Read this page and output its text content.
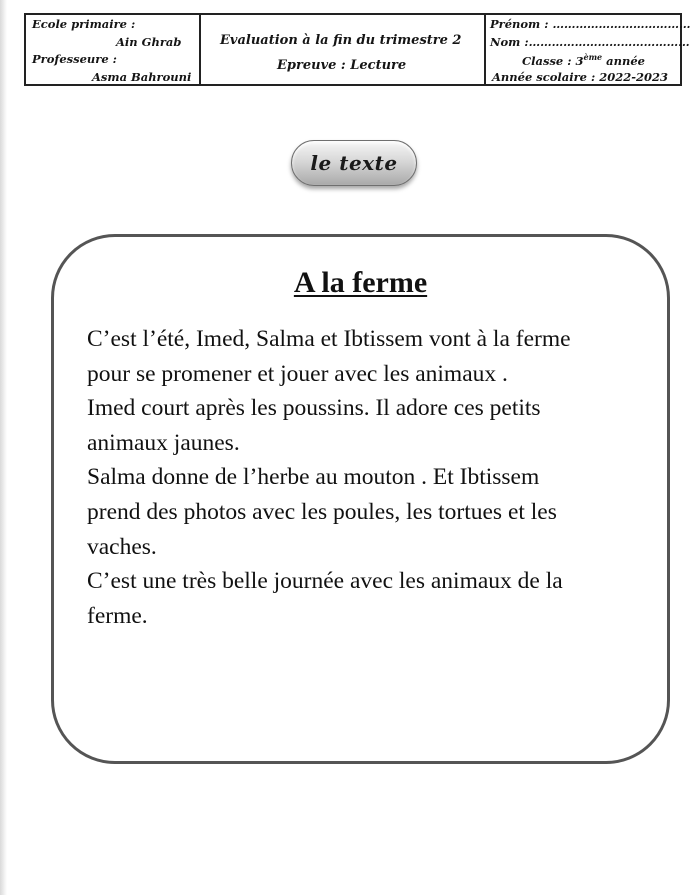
Ecole primaire :
Ain Ghrab
Professeure :
Asma Bahrouni
Evaluation à la fin du trimestre 2
Epreuve : Lecture
Prénom : ………………………………
Nom :……………………………………
Classe : 3ème année
Année scolaire : 2022-2023
le texte
A la ferme
C’est l’été, Imed, Salma et Ibtissem vont à la ferme
pour se promener et jouer avec les animaux .
Imed court après les poussins. Il adore ces petits
animaux jaunes.
Salma donne de l’herbe au mouton . Et Ibtissem
prend des photos avec les poules, les tortues et les
vaches.
C’est une très belle journée avec les animaux de la
ferme.
